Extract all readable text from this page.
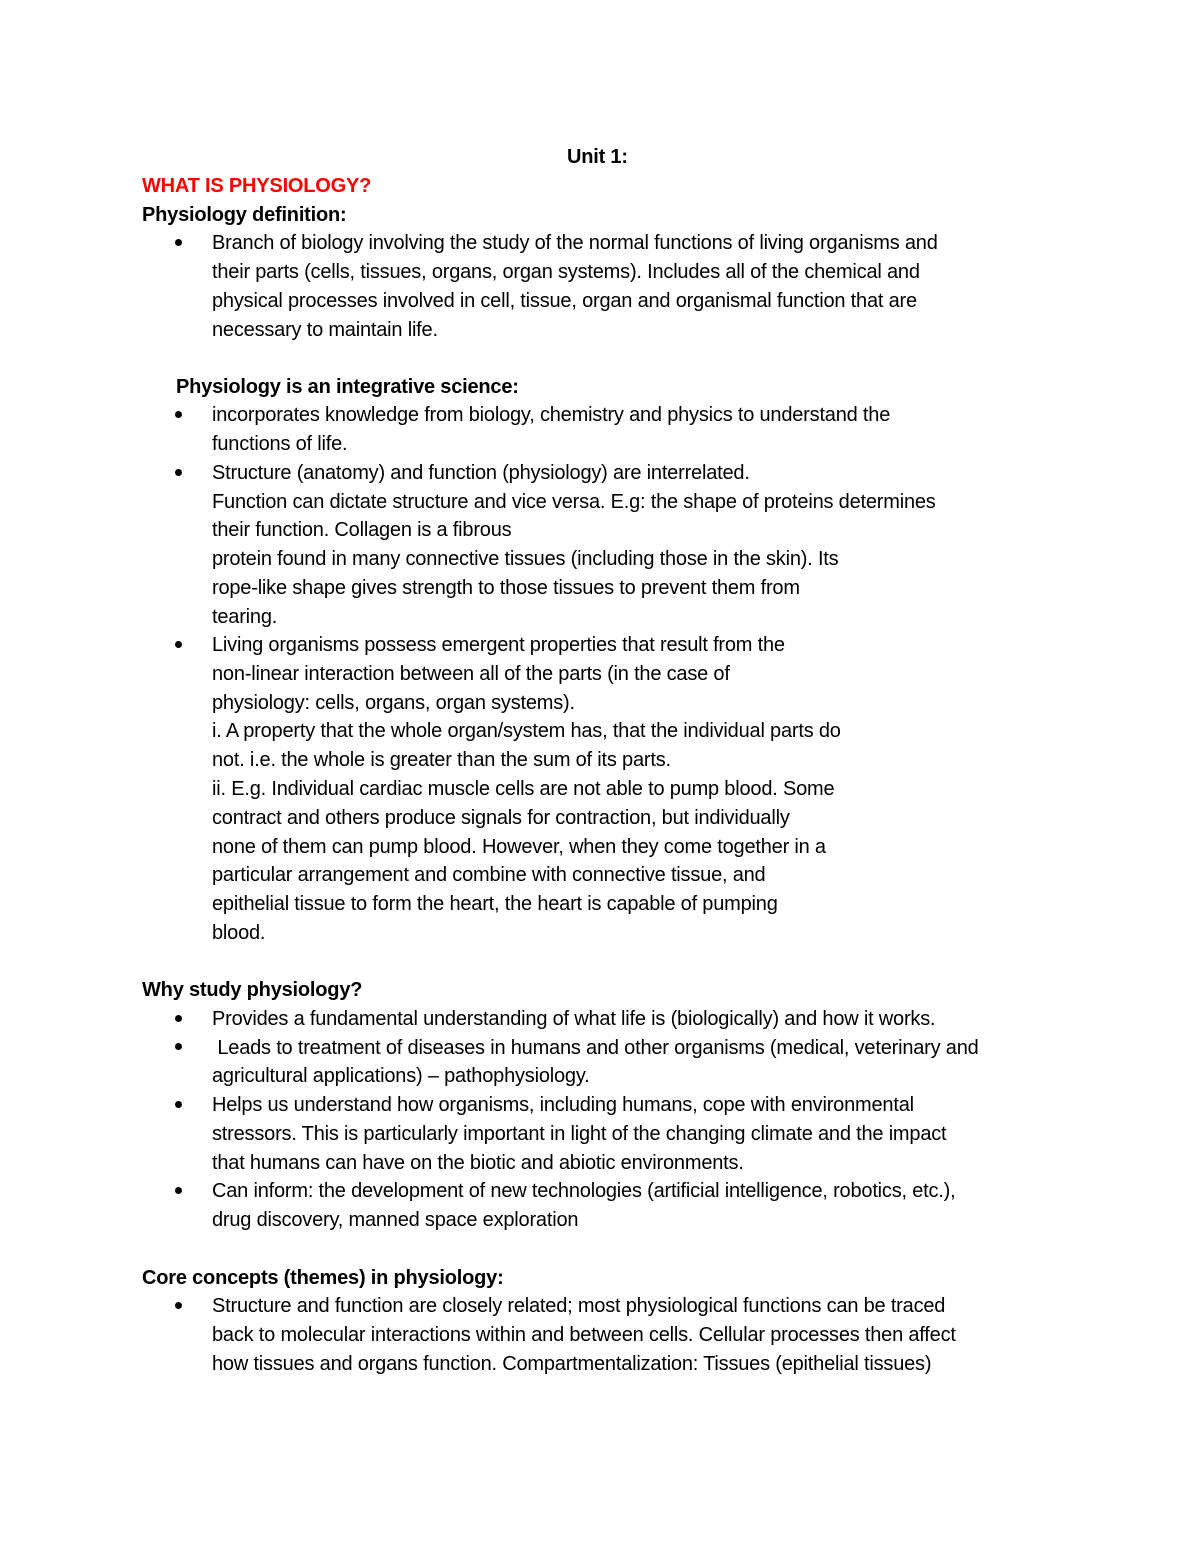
Unit 1:
WHAT IS PHYSIOLOGY?
Physiology definition:
Branch of biology involving the study of the normal functions of living organisms and
their parts (cells, tissues, organs, organ systems). Includes all of the chemical and
physical processes involved in cell, tissue, organ and organismal function that are
necessary to maintain life.
Physiology is an integrative science:
incorporates knowledge from biology, chemistry and physics to understand the
functions of life.
Structure (anatomy) and function (physiology) are interrelated.
Function can dictate structure and vice versa. E.g: the shape of proteins determines
their function. Collagen is a fibrous
protein found in many connective tissues (including those in the skin). Its
rope-like shape gives strength to those tissues to prevent them from
tearing.
Living organisms possess emergent properties that result from the
non-linear interaction between all of the parts (in the case of
physiology: cells, organs, organ systems).
i. A property that the whole organ/system has, that the individual parts do
not. i.e. the whole is greater than the sum of its parts.
ii. E.g. Individual cardiac muscle cells are not able to pump blood. Some
contract and others produce signals for contraction, but individually
none of them can pump blood. However, when they come together in a
particular arrangement and combine with connective tissue, and
epithelial tissue to form the heart, the heart is capable of pumping
blood.
Why study physiology?
Provides a fundamental understanding of what life is (biologically) and how it works.
Leads to treatment of diseases in humans and other organisms (medical, veterinary and
agricultural applications) – pathophysiology.
Helps us understand how organisms, including humans, cope with environmental
stressors. This is particularly important in light of the changing climate and the impact
that humans can have on the biotic and abiotic environments.
Can inform: the development of new technologies (artificial intelligence, robotics, etc.),
drug discovery, manned space exploration
Core concepts (themes) in physiology:
Structure and function are closely related; most physiological functions can be traced
back to molecular interactions within and between cells. Cellular processes then affect
how tissues and organs function. Compartmentalization: Tissues (epithelial tissues)
